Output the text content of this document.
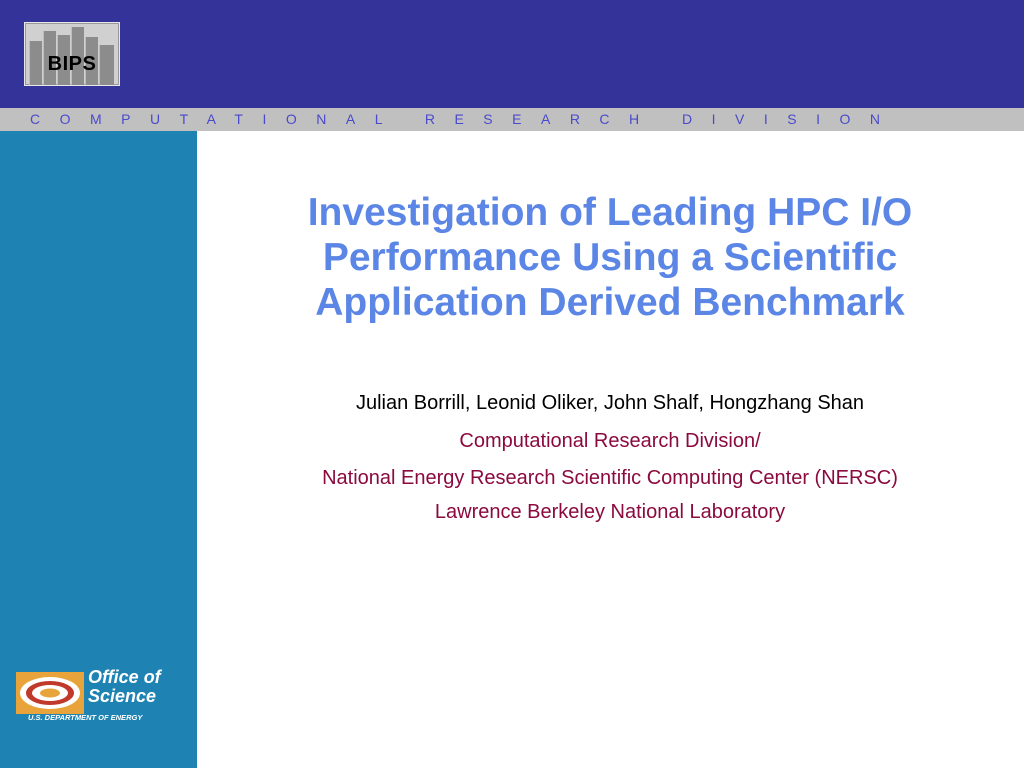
BIPS
COMPUTATIONAL RESEARCH DIVISION
Investigation of Leading HPC I/O
Performance Using a Scientific
Application Derived Benchmark
Julian Borrill, Leonid Oliker, John Shalf, Hongzhang Shan
Computational Research Division/
National Energy Research Scientific Computing Center (NERSC)
Lawrence Berkeley National Laboratory
Office of Science
U.S. DEPARTMENT OF ENERGY
